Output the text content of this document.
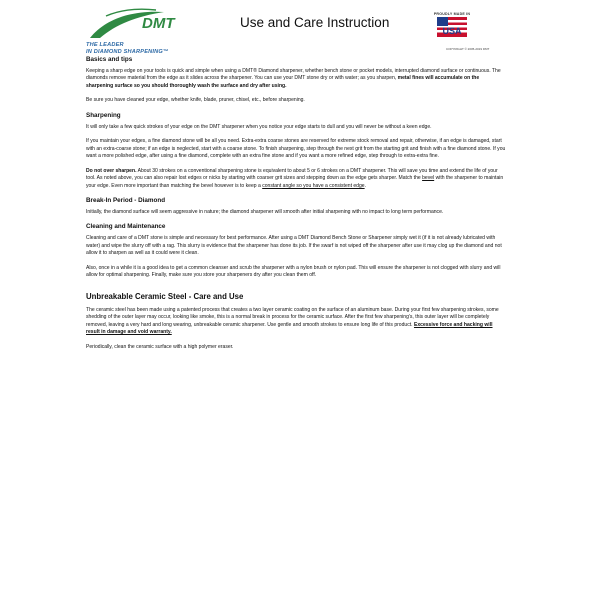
DMT
THE LEADER
IN DIAMOND SHARPENING™
Use and Care Instruction
PROUDLY MADE IN
USA
COPYRIGHT © 2005-2019 DMT
Basics and tips

Keeping a sharp edge on your tools is quick and simple when using a DMT® Diamond sharpener, whether bench stone or pocket models, interrupted diamond surface or continuous. The diamonds remove material from the edge as it slides across the sharpener. You can use your DMT stone dry or with water; as you sharpen, metal fines will accumulate on the sharpening surface so you should thoroughly wash the surface and dry after using.

Be sure you have cleaned your edge, whether knife, blade, pruner, chisel, etc., before sharpening.

Sharpening

It will only take a few quick strokes of your edge on the DMT sharpener when you notice your edge starts to dull and you will never be without a keen edge.

If you maintain your edges, a fine diamond stone will be all you need. Extra-extra coarse stones are reserved for extreme stock removal and repair, otherwise, if an edge is damaged, start with an extra-coarse stone; if an edge is neglected, start with a coarse stone. To finish sharpening, step through the next grit from the starting grit and finish with a fine diamond stone. If you want a more polished edge, after using a fine diamond, complete with an extra fine stone and if you want a more refined edge, step through to extra-extra fine.

Do not over sharpen. About 30 strokes on a conventional sharpening stone is equivalent to about 5 or 6 strokes on a DMT sharpener. This will save you time and extend the life of your tool. As noted above, you can also repair lost edges or nicks by starting with coarser grit sizes and stepping down as the edge gets sharper. Match the bevel with the sharpener to maintain your edge. Even more important than matching the bevel however is to keep a constant angle so you have a consistent edge.

Break-In Period - Diamond

Initially, the diamond surface will seem aggressive in nature; the diamond sharpener will smooth after initial sharpening with no impact to long term performance.

Cleaning and Maintenance

Cleaning and care of a DMT stone is simple and necessary for best performance. After using a DMT Diamond Bench Stone or Sharpener simply wet it (if it is not already lubricated with water) and wipe the slurry off with a rag. This slurry is evidence that the sharpener has done its job. If the swarf is not wiped off the sharpener after use it may clog up the diamond and not allow it to sharpen as well as it could were it clean.

Also, once in a while it is a good idea to get a common cleanser and scrub the sharpener with a nylon brush or nylon pad. This will ensure the sharpener is not clogged with slurry and will allow for optimal sharpening. Finally, make sure you store your sharpeners dry after you clean them off.

Unbreakable Ceramic Steel - Care and Use

The ceramic steel has been made using a patented process that creates a two layer ceramic coating on the surface of an aluminum base. During your first few sharpening strokes, some shedding of the outer layer may occur, looking like smoke, this is a normal break in process for the ceramic surface. After the first few sharpening’s, this outer layer will be completely removed, leaving a very hard and long wearing, unbreakable ceramic sharpener. Use gentle and smooth strokes to ensure long life of this product. Excessive force and hacking will result in damage and void warranty.

Periodically, clean the ceramic surface with a high polymer eraser.
